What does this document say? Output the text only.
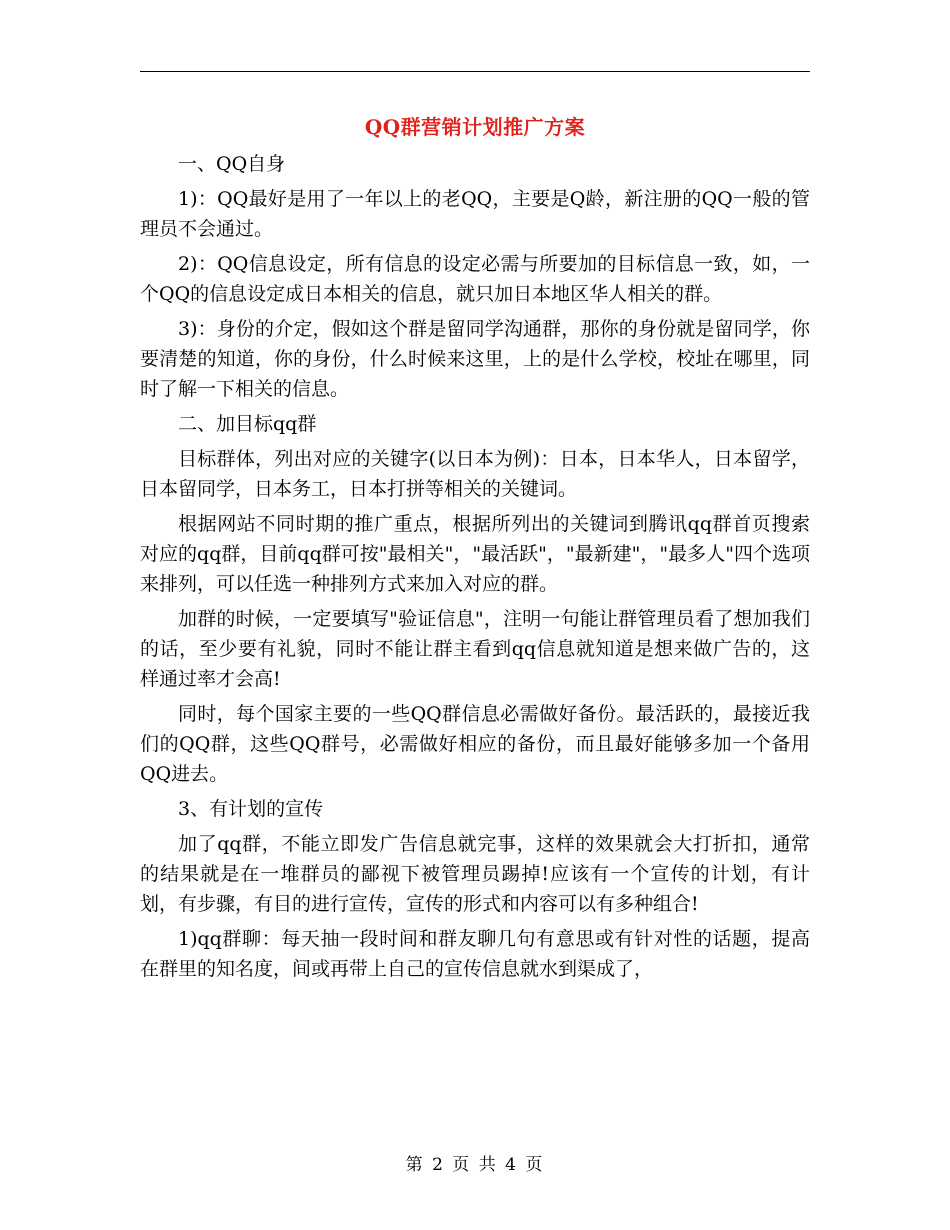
QQ群营销计划推广方案

一、QQ自身

1)：QQ最好是用了一年以上的老QQ，主要是Q龄，新注册的QQ一般的管理员不会通过。

2)：QQ信息设定，所有信息的设定必需与所要加的目标信息一致，如，一个QQ的信息设定成日本相关的信息，就只加日本地区华人相关的群。

3)：身份的介定，假如这个群是留同学沟通群，那你的身份就是留同学，你要清楚的知道，你的身份，什么时候来这里，上的是什么学校，校址在哪里，同时了解一下相关的信息。

二、加目标qq群

目标群体，列出对应的关键字(以日本为例)：日本，日本华人，日本留学，日本留同学，日本务工，日本打拼等相关的关键词。

根据网站不同时期的推广重点，根据所列出的关键词到腾讯qq群首页搜索对应的qq群，目前qq群可按"最相关"，"最活跃"，"最新建"，"最多人"四个选项来排列，可以任选一种排列方式来加入对应的群。

加群的时候，一定要填写"验证信息"，注明一句能让群管理员看了想加我们的话，至少要有礼貌，同时不能让群主看到qq信息就知道是想来做广告的，这样通过率才会高!

同时，每个国家主要的一些QQ群信息必需做好备份。最活跃的，最接近我们的QQ群，这些QQ群号，必需做好相应的备份，而且最好能够多加一个备用QQ进去。

3、有计划的宣传

加了qq群，不能立即发广告信息就完事，这样的效果就会大打折扣，通常的结果就是在一堆群员的鄙视下被管理员踢掉!应该有一个宣传的计划，有计划，有步骤，有目的进行宣传，宣传的形式和内容可以有多种组合!

1)qq群聊：每天抽一段时间和群友聊几句有意思或有针对性的话题，提高在群里的知名度，间或再带上自己的宣传信息就水到渠成了，

第 2 页 共 4 页
